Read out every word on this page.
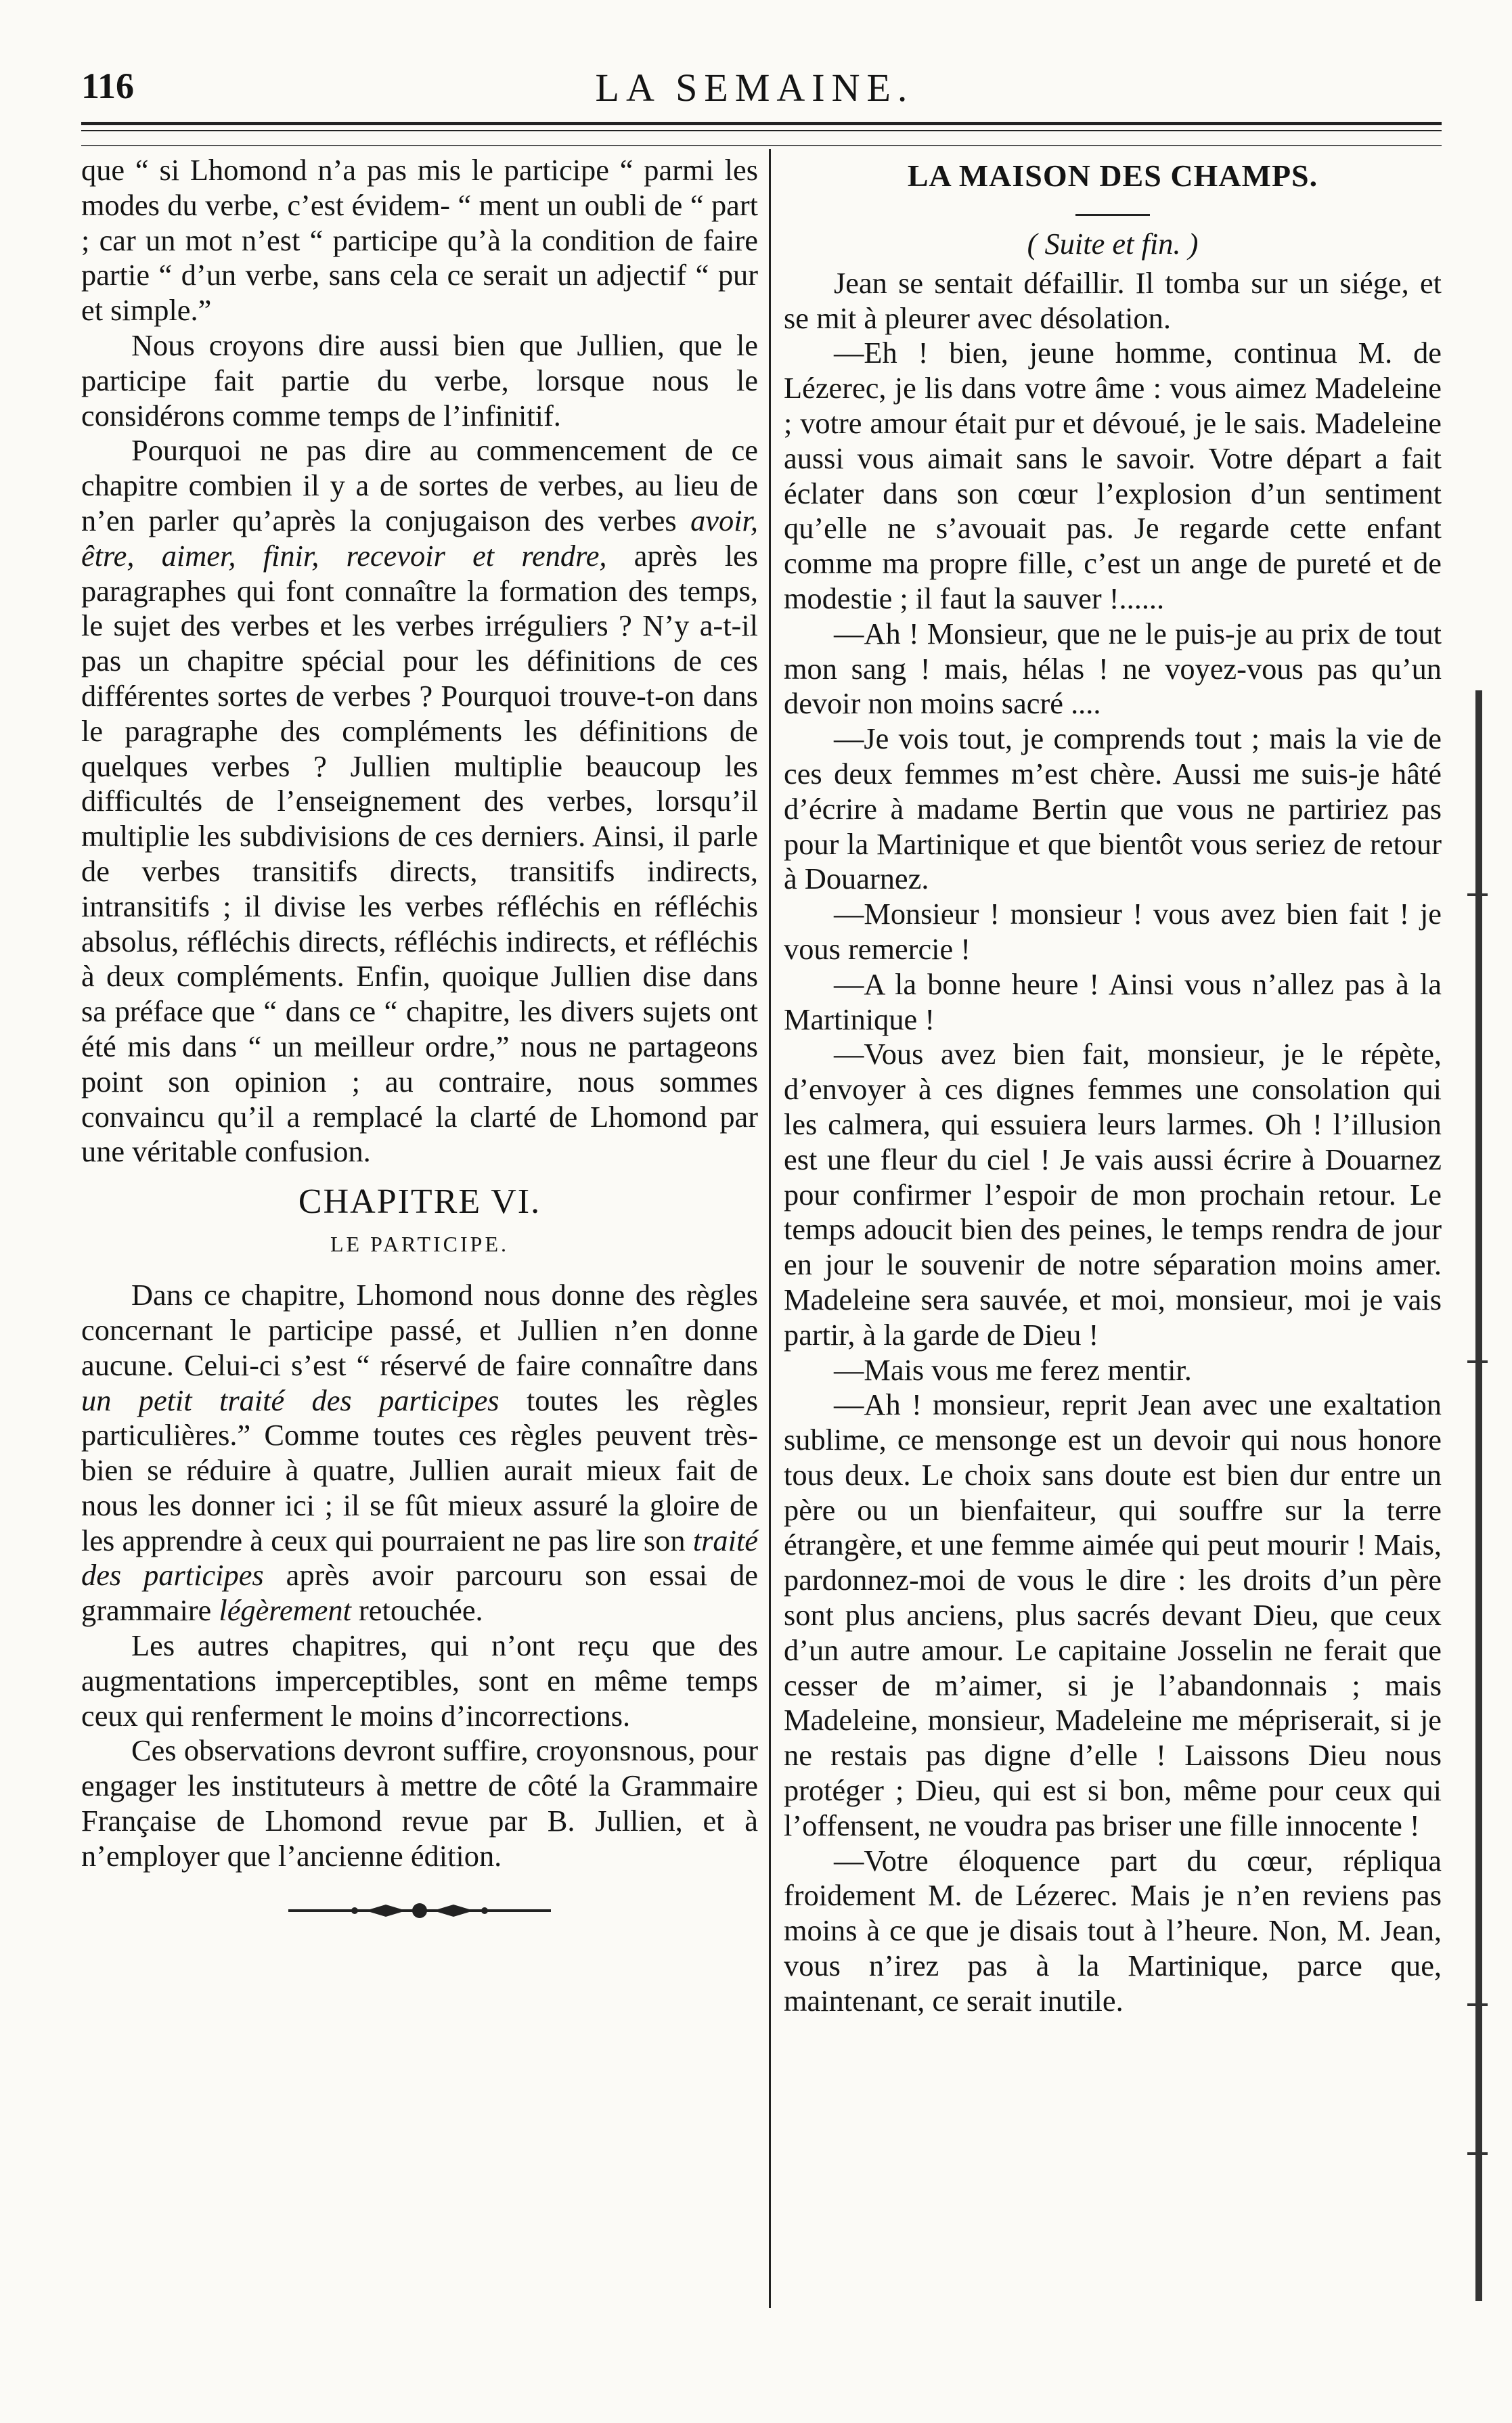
116	LA SEMAINE.

que “ si Lhomond n’a pas mis le participe “ parmi les modes du verbe, c’est évidem- “ ment un oubli de “ part ; car un mot n’est “ participe qu’à la condition de faire partie “ d’un verbe, sans cela ce serait un adjectif “ pur et simple.”

Nous croyons dire aussi bien que Jullien, que le participe fait partie du verbe, lorsque nous le considérons comme temps de l’infinitif.

Pourquoi ne pas dire au commencement de ce chapitre combien il y a de sortes de verbes, au lieu de n’en parler qu’après la conjugaison des verbes avoir, être, aimer, finir, recevoir et rendre, après les paragraphes qui font connaître la formation des temps, le sujet des verbes et les verbes irréguliers ? N’y a-t-il pas un chapitre spécial pour les définitions de ces différentes sortes de verbes ? Pourquoi trouve-t-on dans le paragraphe des compléments les définitions de quelques verbes ? Jullien multiplie beaucoup les difficultés de l’enseignement des verbes, lorsqu’il multiplie les subdivisions de ces derniers. Ainsi, il parle de verbes transitifs directs, transitifs indirects, intransitifs ; il divise les verbes réfléchis en réfléchis absolus, réfléchis directs, réfléchis indirects, et réfléchis à deux compléments. Enfin, quoique Jullien dise dans sa préface que “ dans ce “ chapitre, les divers sujets ont été mis dans “ un meilleur ordre,” nous ne partageons point son opinion ; au contraire, nous sommes convaincu qu’il a remplacé la clarté de Lhomond par une véritable confusion.

CHAPITRE VI.
LE PARTICIPE.

Dans ce chapitre, Lhomond nous donne des règles concernant le participe passé, et Jullien n’en donne aucune. Celui-ci s’est “ réservé de faire connaître dans un petit traité des participes toutes les règles particulières.” Comme toutes ces règles peuvent très-bien se réduire à quatre, Jullien aurait mieux fait de nous les donner ici ; il se fût mieux assuré la gloire de les apprendre à ceux qui pourraient ne pas lire son traité des participes après avoir parcouru son essai de grammaire légèrement retouchée.

Les autres chapitres, qui n’ont reçu que des augmentations imperceptibles, sont en même temps ceux qui renferment le moins d’incorrections.

Ces observations devront suffire, croyonsnous, pour engager les instituteurs à mettre de côté la Grammaire Française de Lhomond revue par B. Jullien, et à n’employer que l’ancienne édition.

LA MAISON DES CHAMPS.
( Suite et fin. )

Jean se sentait défaillir. Il tomba sur un siége, et se mit à pleurer avec désolation.

—Eh ! bien, jeune homme, continua M. de Lézerec, je lis dans votre âme : vous aimez Madeleine ; votre amour était pur et dévoué, je le sais. Madeleine aussi vous aimait sans le savoir. Votre départ a fait éclater dans son cœur l’explosion d’un sentiment qu’elle ne s’avouait pas. Je regarde cette enfant comme ma propre fille, c’est un ange de pureté et de modestie ; il faut la sauver !......

—Ah ! Monsieur, que ne le puis-je au prix de tout mon sang ! mais, hélas ! ne voyez-vous pas qu’un devoir non moins sacré ....

—Je vois tout, je comprends tout ; mais la vie de ces deux femmes m’est chère. Aussi me suis-je hâté d’écrire à madame Bertin que vous ne partiriez pas pour la Martinique et que bientôt vous seriez de retour à Douarnez.

—Monsieur ! monsieur ! vous avez bien fait ! je vous remercie !

—A la bonne heure ! Ainsi vous n’allez pas à la Martinique !

—Vous avez bien fait, monsieur, je le répète, d’envoyer à ces dignes femmes une consolation qui les calmera, qui essuiera leurs larmes. Oh ! l’illusion est une fleur du ciel ! Je vais aussi écrire à Douarnez pour confirmer l’espoir de mon prochain retour. Le temps adoucit bien des peines, le temps rendra de jour en jour le souvenir de notre séparation moins amer. Madeleine sera sauvée, et moi, monsieur, moi je vais partir, à la garde de Dieu !

—Mais vous me ferez mentir.

—Ah ! monsieur, reprit Jean avec une exaltation sublime, ce mensonge est un devoir qui nous honore tous deux. Le choix sans doute est bien dur entre un père ou un bienfaiteur, qui souffre sur la terre étrangère, et une femme aimée qui peut mourir ! Mais, pardonnez-moi de vous le dire : les droits d’un père sont plus anciens, plus sacrés devant Dieu, que ceux d’un autre amour. Le capitaine Josselin ne ferait que cesser de m’aimer, si je l’abandonnais ; mais Madeleine, monsieur, Madeleine me mépriserait, si je ne restais pas digne d’elle ! Laissons Dieu nous protéger ; Dieu, qui est si bon, même pour ceux qui l’offensent, ne voudra pas briser une fille innocente !

—Votre éloquence part du cœur, répliqua froidement M. de Lézerec. Mais je n’en reviens pas moins à ce que je disais tout à l’heure. Non, M. Jean, vous n’irez pas à la Martinique, parce que, maintenant, ce serait inutile.
